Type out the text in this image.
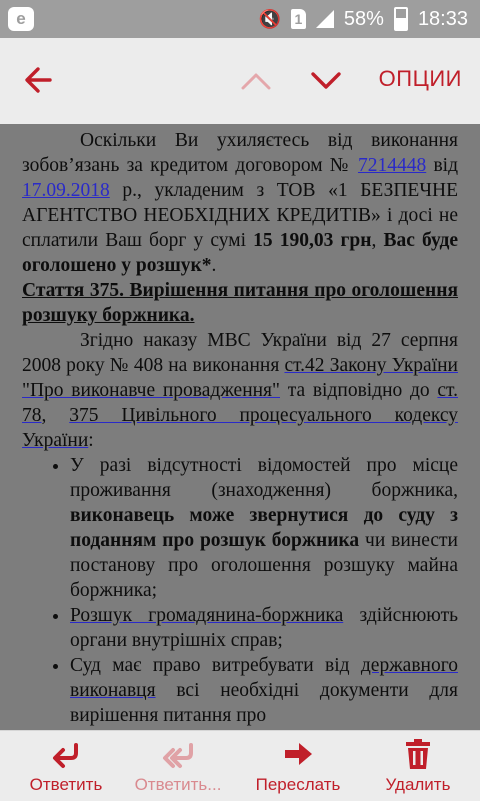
e	🔇 1 58% 18:33
ОПЦИИ

Оскільки Ви ухиляєтесь від виконання зобов’язань за кредитом договором № 7214448 від 17.09.2018 р., укладеним з ТОВ «1 БЕЗПЕЧНЕ АГЕНТСТВО НЕОБХІДНИХ КРЕДИТІВ» і досі не сплатили Ваш борг у сумі 15 190,03 грн, Вас буде оголошено у розшук*.

Стаття 375. Вирішення питання про оголошення розшуку боржника.

Згідно наказу МВС України від 27 серпня 2008 року № 408 на виконання ст.42 Закону України "Про виконавче провадження" та відповідно до ст. 78, 375 Цивільного процесуального кодексу України:

• У разі відсутності відомостей про місце проживання (знаходження) боржника, виконавець може звернутися до суду з поданням про розшук боржника чи винести постанову про оголошення розшуку майна боржника;
• Розшук громадянина-боржника здійснюють органи внутрішніх справ;
• Суд має право витребувати від державного виконавця всі необхідні документи для вирішення питання про
Ответить	Ответить...	Переслать	Удалить
